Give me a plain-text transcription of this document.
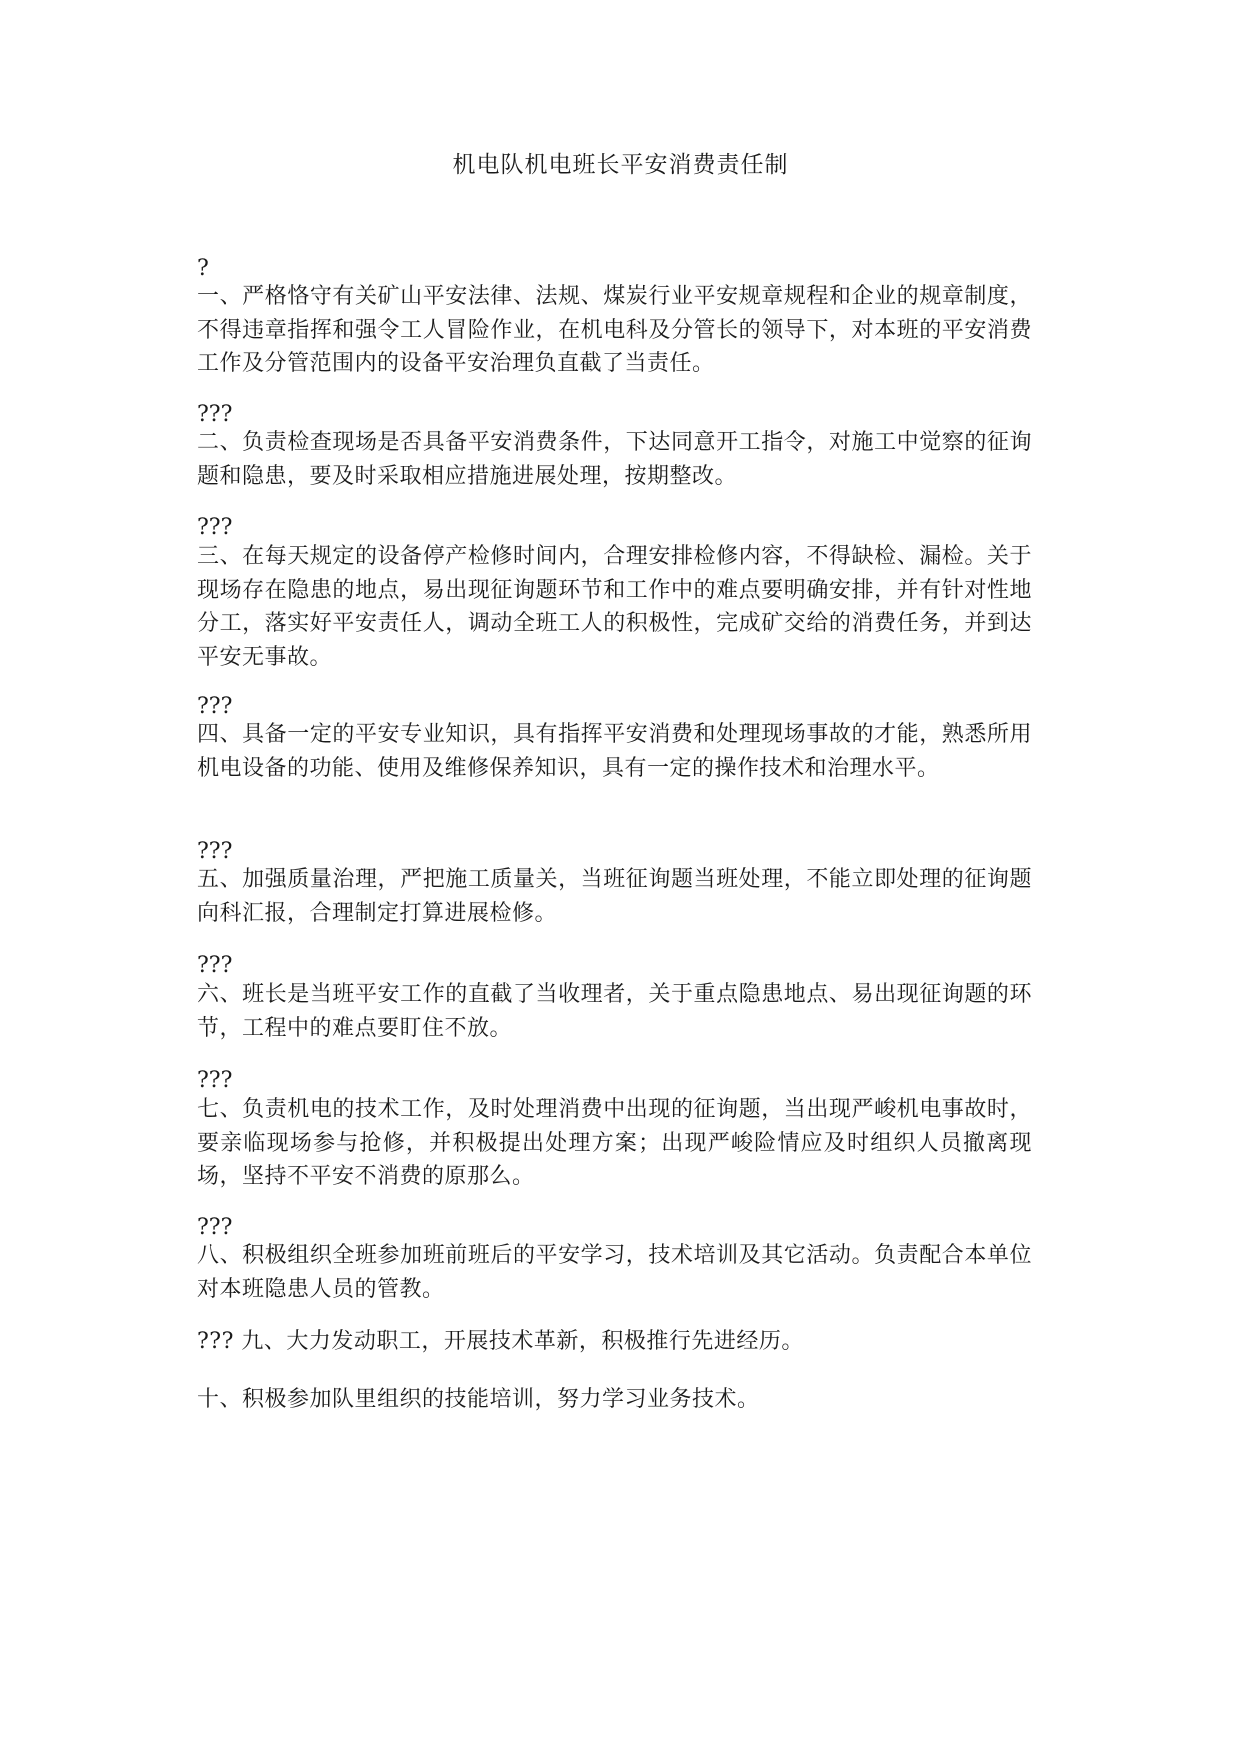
机电队机电班长平安消费责任制
?

一、严格恪守有关矿山平安法律、法规、煤炭行业平安规章规程和企业的规章制度，不得违章指挥和强令工人冒险作业，在机电科及分管长的领导下，对本班的平安消费工作及分管范围内的设备平安治理负直截了当责任。

???

二、负责检查现场是否具备平安消费条件，下达同意开工指令，对施工中觉察的征询题和隐患，要及时采取相应措施进展处理，按期整改。

???

三、在每天规定的设备停产检修时间内，合理安排检修内容，不得缺检、漏检。关于现场存在隐患的地点，易出现征询题环节和工作中的难点要明确安排，并有针对性地分工，落实好平安责任人，调动全班工人的积极性，完成矿交给的消费任务，并到达平安无事故。

???

四、具备一定的平安专业知识，具有指挥平安消费和处理现场事故的才能，熟悉所用机电设备的功能、使用及维修保养知识，具有一定的操作技术和治理水平。

???

五、加强质量治理，严把施工质量关，当班征询题当班处理，不能立即处理的征询题向科汇报，合理制定打算进展检修。

???

六、班长是当班平安工作的直截了当收理者，关于重点隐患地点、易出现征询题的环节，工程中的难点要盯住不放。

???

七、负责机电的技术工作，及时处理消费中出现的征询题，当出现严峻机电事故时，要亲临现场参与抢修，并积极提出处理方案；出现严峻险情应及时组织人员撤离现场，坚持不平安不消费的原那么。

???

八、积极组织全班参加班前班后的平安学习，技术培训及其它活动。负责配合本单位对本班隐患人员的管教。

??? 九、大力发动职工，开展技术革新，积极推行先进经历。

十、积极参加队里组织的技能培训，努力学习业务技术。
